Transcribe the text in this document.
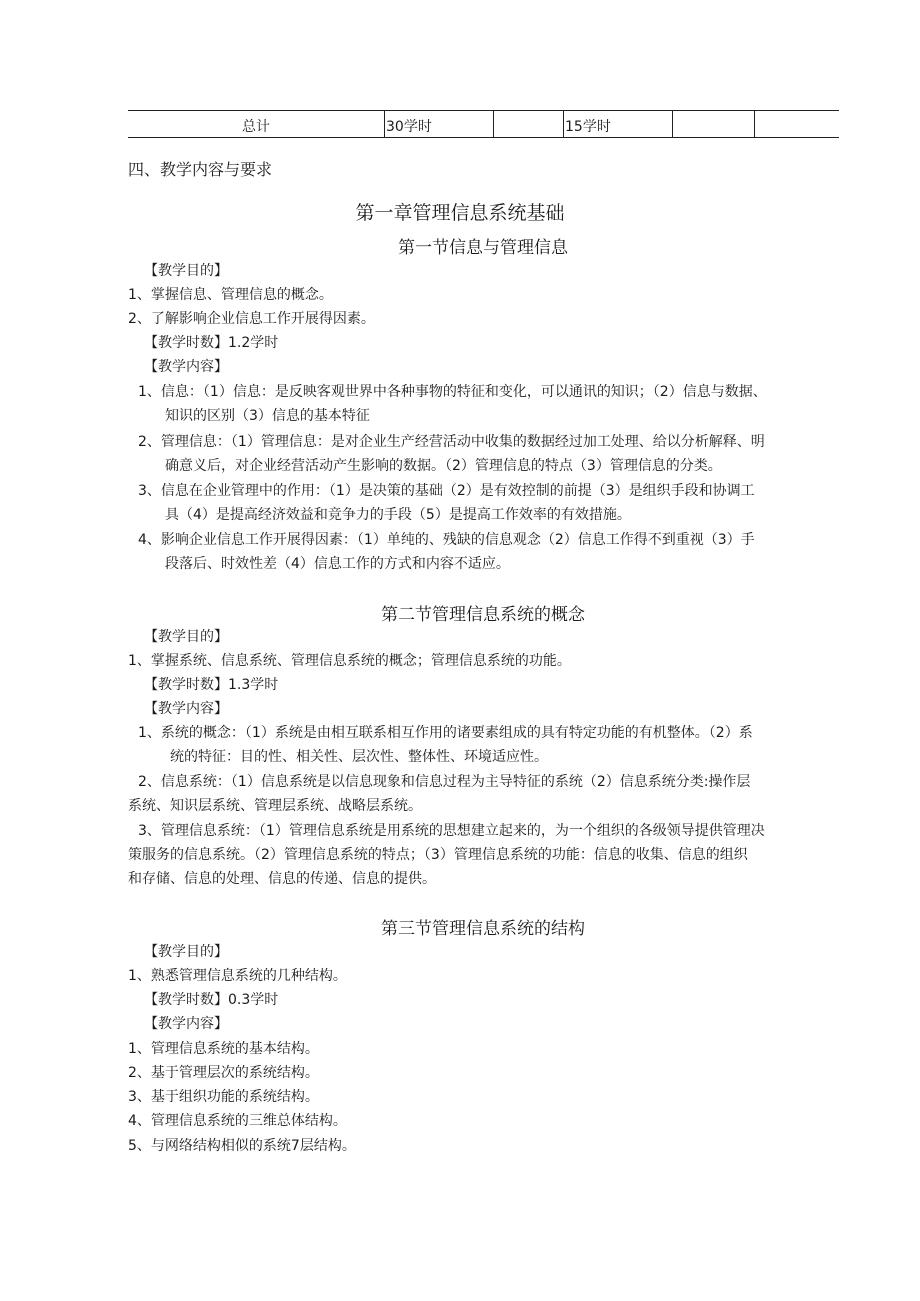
总计	30学时	15学时
四、教学内容与要求
第一章管理信息系统基础
第一节信息与管理信息
【教学目的】
1、掌握信息、管理信息的概念。
2、了解影响企业信息工作开展得因素。
【教学时数】1.2学时
【教学内容】
1、信息：（1）信息：是反映客观世界中各种事物的特征和变化，可以通讯的知识；（2）信息与数据、
知识的区别（3）信息的基本特征
2、管理信息：（1）管理信息：是对企业生产经营活动中收集的数据经过加工处理、给以分析解释、明
确意义后，对企业经营活动产生影响的数据。（2）管理信息的特点（3）管理信息的分类。
3、信息在企业管理中的作用：（1）是决策的基础（2）是有效控制的前提（3）是组织手段和协调工
具（4）是提高经济效益和竞争力的手段（5）是提高工作效率的有效措施。
4、影响企业信息工作开展得因素：（1）单纯的、残缺的信息观念（2）信息工作得不到重视（3）手
段落后、时效性差（4）信息工作的方式和内容不适应。
第二节管理信息系统的概念
【教学目的】
1、掌握系统、信息系统、管理信息系统的概念；管理信息系统的功能。
【教学时数】1.3学时
【教学内容】
1、系统的概念：（1）系统是由相互联系相互作用的诸要素组成的具有特定功能的有机整体。（2）系
统的特征：目的性、相关性、层次性、整体性、环境适应性。
2、信息系统：（1）信息系统是以信息现象和信息过程为主导特征的系统（2）信息系统分类:操作层
系统、知识层系统、管理层系统、战略层系统。
3、管理信息系统：（1）管理信息系统是用系统的思想建立起来的，为一个组织的各级领导提供管理决
策服务的信息系统。（2）管理信息系统的特点；（3）管理信息系统的功能：信息的收集、信息的组织
和存储、信息的处理、信息的传递、信息的提供。
第三节管理信息系统的结构
【教学目的】
1、熟悉管理信息系统的几种结构。
【教学时数】0.3学时
【教学内容】
1、管理信息系统的基本结构。
2、基于管理层次的系统结构。
3、基于组织功能的系统结构。
4、管理信息系统的三维总体结构。
5、与网络结构相似的系统7层结构。
